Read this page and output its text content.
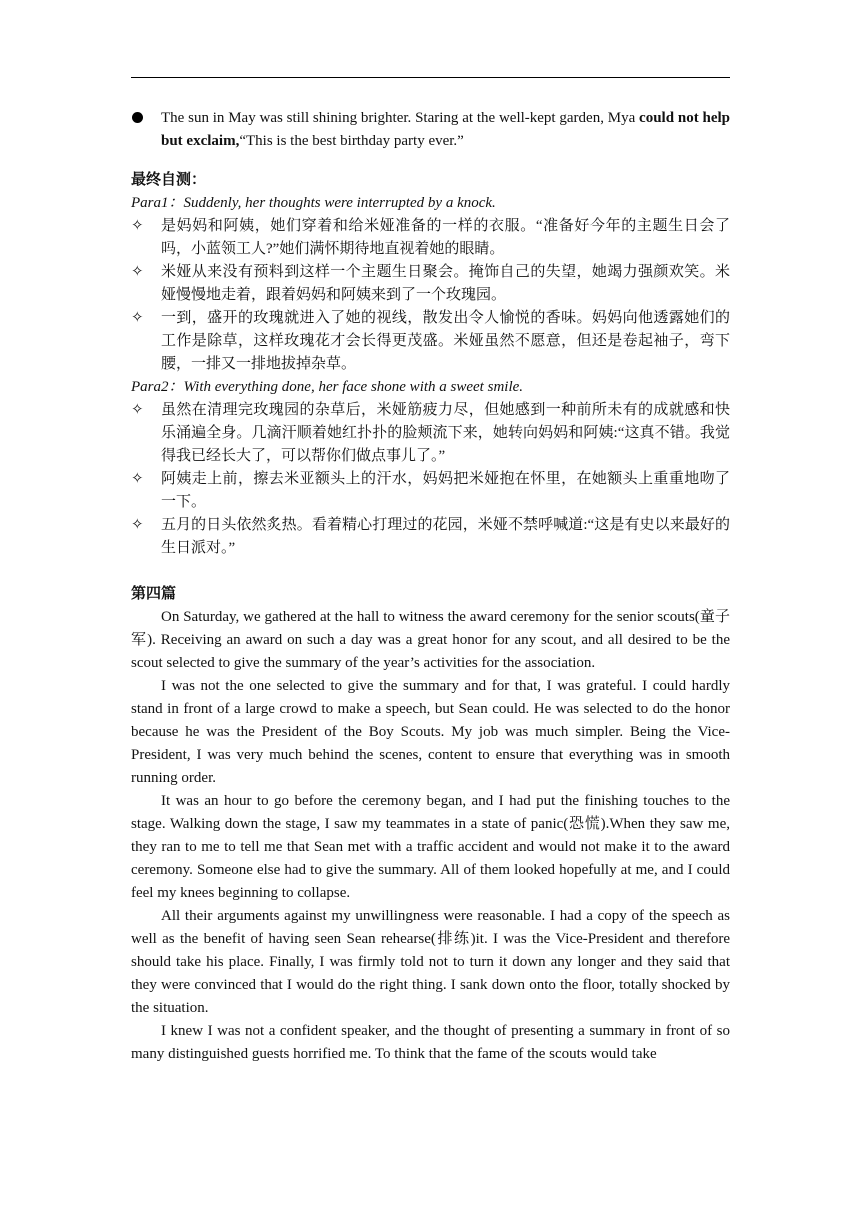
The sun in May was still shining brighter. Staring at the well-kept garden, Mya could not help but exclaim,“This is the best birthday party ever.”
最终自测：
Para1：Suddenly, her thoughts were interrupted by a knock.
✧ 是妈妈和阿姨，她们穿着和给米娅准备的一样的衣服。“准备好今年的主题生日会了吗，小蓝领工人?”她们满怀期待地直视着她的眼睛。
✧ 米娅从来没有预料到这样一个主题生日聚会。掩饰自己的失望，她竭力强颜欢笑。米娅慢慢地走着，跟着妈妈和阿姨来到了一个玫瑰园。
✧ 一到，盛开的玫瑰就进入了她的视线，散发出令人愉悦的香味。妈妈向他透露她们的工作是除草，这样玫瑰花才会长得更茂盛。米娅虽然不愿意，但还是卷起袖子，弯下腰，一排又一排地拔掉杂草。
Para2：With everything done, her face shone with a sweet smile.
✧ 虽然在清理完玫瑰园的杂草后，米娅筋疲力尽，但她感到一种前所未有的成就感和快乐涌遍全身。几滴汗顺着她红扑扑的脸颊流下来，她转向妈妈和阿姨:“这真不错。我觉得我已经长大了，可以帮你们做点事儿了。”
✧ 阿姨走上前，擦去米亚额头上的汗水，妈妈把米娅抱在怀里，在她额头上重重地吻了一下。
✧ 五月的日头依然炙热。看着精心打理过的花园，米娅不禁呼喊道:“这是有史以来最好的生日派对。”
第四篇

On Saturday, we gathered at the hall to witness the award ceremony for the senior scouts(童子军). Receiving an award on such a day was a great honor for any scout, and all desired to be the scout selected to give the summary of the year’s activities for the association.

I was not the one selected to give the summary and for that, I was grateful. I could hardly stand in front of a large crowd to make a speech, but Sean could. He was selected to do the honor because he was the President of the Boy Scouts. My job was much simpler. Being the Vice-President, I was very much behind the scenes, content to ensure that everything was in smooth running order.

It was an hour to go before the ceremony began, and I had put the finishing touches to the stage. Walking down the stage, I saw my teammates in a state of panic(恐慌).When they saw me, they ran to me to tell me that Sean met with a traffic accident and would not make it to the award ceremony. Someone else had to give the summary. All of them looked hopefully at me, and I could feel my knees beginning to collapse.

All their arguments against my unwillingness were reasonable. I had a copy of the speech as well as the benefit of having seen Sean rehearse(排练)it. I was the Vice-President and therefore should take his place. Finally, I was firmly told not to turn it down any longer and they said that they were convinced that I would do the right thing. I sank down onto the floor, totally shocked by the situation.

I knew I was not a confident speaker, and the thought of presenting a summary in front of so many distinguished guests horrified me. To think that the fame of the scouts would take
